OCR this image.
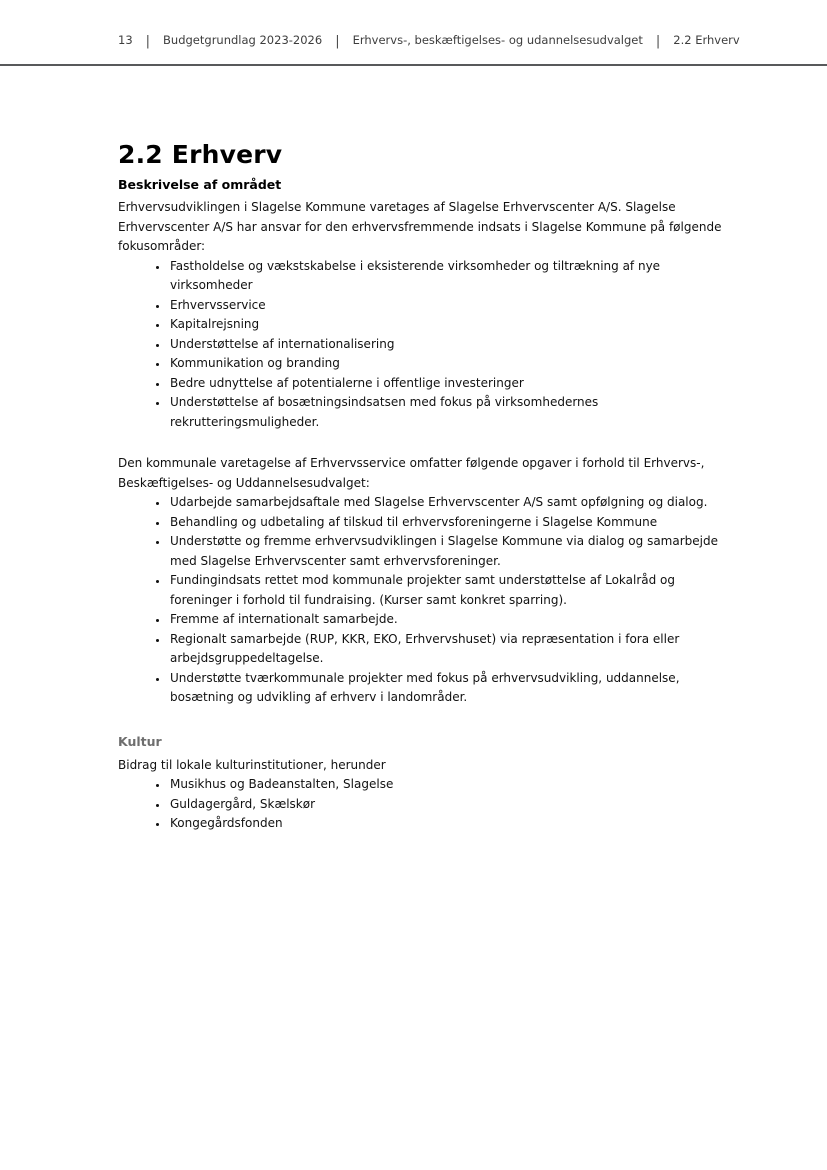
13 | Budgetgrundlag 2023-2026 | Erhvervs-, beskæftigelses- og udannelsesudvalget | 2.2 Erhverv
2.2 Erhverv
Beskrivelse af området

Erhvervsudviklingen i Slagelse Kommune varetages af Slagelse Erhvervscenter A/S. Slagelse Erhvervscenter A/S har ansvar for den erhvervsfremmende indsats i Slagelse Kommune på følgende fokusområder:

• Fastholdelse og vækstskabelse i eksisterende virksomheder og tiltrækning af nye virksomheder
• Erhvervsservice
• Kapitalrejsning
• Understøttelse af internationalisering
• Kommunikation og branding
• Bedre udnyttelse af potentialerne i offentlige investeringer
• Understøttelse af bosætningsindsatsen med fokus på virksomhedernes rekrutteringsmuligheder.

Den kommunale varetagelse af Erhvervsservice omfatter følgende opgaver i forhold til Erhvervs-, Beskæftigelses- og Uddannelsesudvalget:

• Udarbejde samarbejdsaftale med Slagelse Erhvervscenter A/S samt opfølgning og dialog.
• Behandling og udbetaling af tilskud til erhvervsforeningerne i Slagelse Kommune
• Understøtte og fremme erhvervsudviklingen i Slagelse Kommune via dialog og samarbejde med Slagelse Erhvervscenter samt erhvervsforeninger.
• Fundingindsats rettet mod kommunale projekter samt understøttelse af Lokalråd og foreninger i forhold til fundraising. (Kurser samt konkret sparring).
• Fremme af internationalt samarbejde.
• Regionalt samarbejde (RUP, KKR, EKO, Erhvervshuset) via repræsentation i fora eller arbejdsgruppedeltagelse.
• Understøtte tværkommunale projekter med fokus på erhvervsudvikling, uddannelse, bosætning og udvikling af erhverv i landområder.
Kultur

Bidrag til lokale kulturinstitutioner, herunder

• Musikhus og Badeanstalten, Slagelse
• Guldagergård, Skælskør
• Kongegårdsfonden
